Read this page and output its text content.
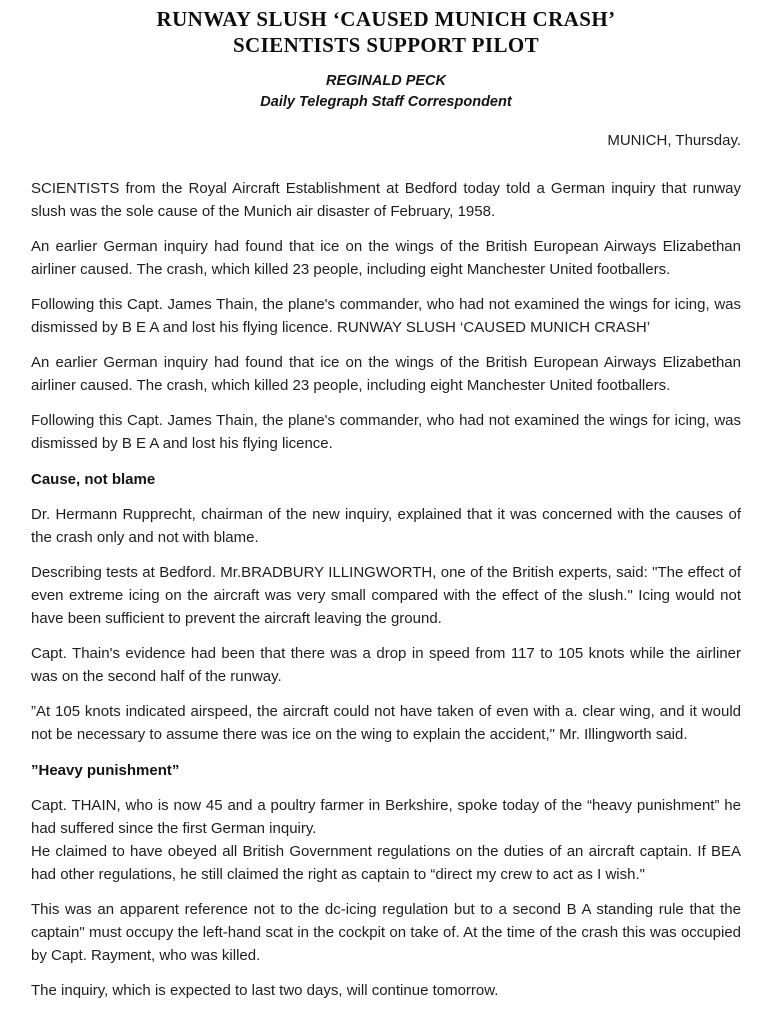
RUNWAY SLUSH ‘CAUSED MUNICH CRASH’
SCIENTISTS SUPPORT PILOT
REGINALD PECK
Daily Telegraph Staff Correspondent
MUNICH, Thursday.

SCIENTISTS from the Royal Aircraft Establishment at Bedford today told a German inquiry that runway slush was the sole cause of the Munich air disaster of February, 1958.

An earlier German inquiry had found that ice on the wings of the British European Airways Elizabethan airliner caused. The crash, which killed 23 people, including eight Manchester United footballers.

Following this Capt. James Thain, the plane's commander, who had not examined the wings for icing, was dismissed by B E A and lost his flying licence. RUNWAY SLUSH ‘CAUSED MUNICH CRASH’

An earlier German inquiry had found that ice on the wings of the British European Airways Elizabethan airliner caused. The crash, which killed 23 people, including eight Manchester United footballers.

Following this Capt. James Thain, the plane's commander, who had not examined the wings for icing, was dismissed by B E A and lost his flying licence.

Cause, not blame

Dr. Hermann Rupprecht, chairman of the new inquiry, explained that it was concerned with the causes of the crash only and not with blame.

Describing tests at Bedford. Mr.BRADBURY ILLINGWORTH, one of the British experts, said: "The effect of even extreme icing on the aircraft was very small compared with the effect of the slush." Icing would not have been sufficient to prevent the aircraft leaving the ground.

Capt. Thain's evidence had been that there was a drop in speed from 117 to 105 knots while the airliner was on the second half of the runway.

”At 105 knots indicated airspeed, the aircraft could not have taken of even with a. clear wing, and it would not be necessary to assume there was ice on the wing to explain the accident," Mr. Illingworth said.

”Heavy punishment”

Capt. THAIN, who is now 45 and a poultry farmer in Berkshire, spoke today of the “heavy punishment” he had suffered since the first German inquiry.

He claimed to have obeyed all British Government regulations on the duties of an aircraft captain. If BEA had other regulations, he still claimed the right as captain to “direct my crew to act as I wish."

This was an apparent reference not to the dc-icing regulation but to a second B A standing rule that the captain" must occupy the left-hand scat in the cockpit on take of. At the time of the crash this was occupied by Capt. Rayment, who was killed.

The inquiry, which is expected to last two days, will continue tomorrow.
